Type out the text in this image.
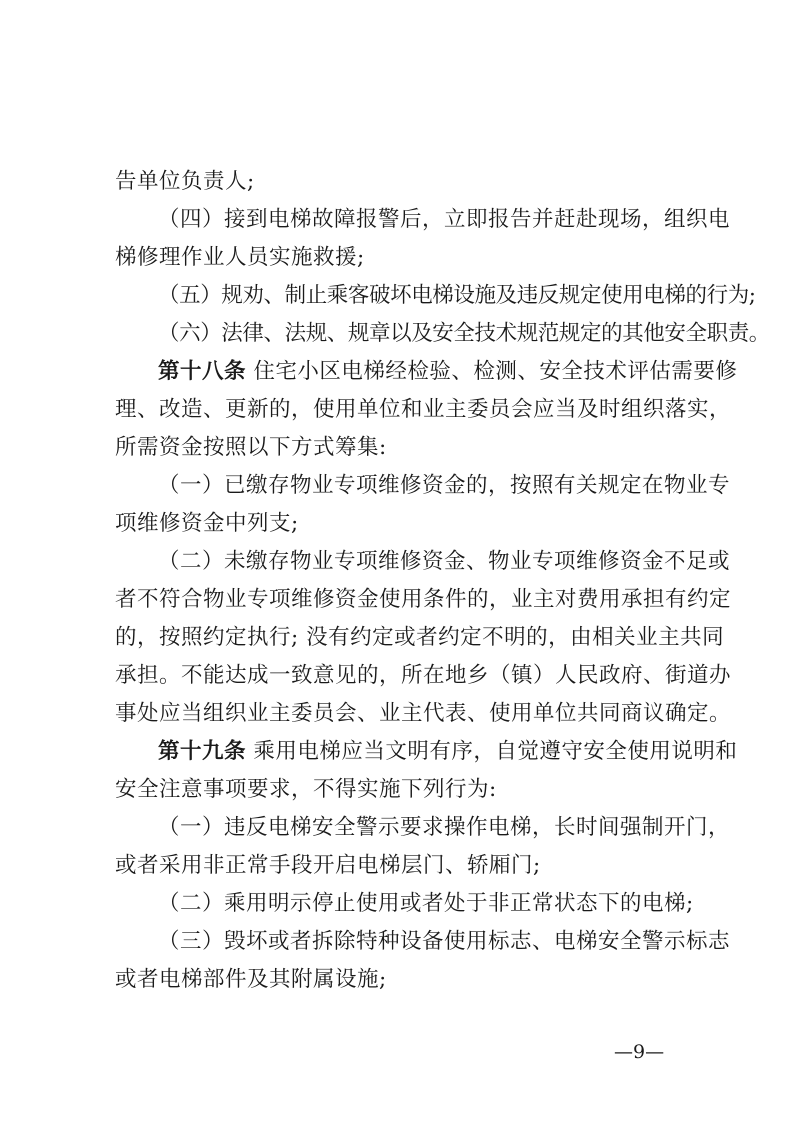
告单位负责人;
（四）接到电梯故障报警后，立即报告并赶赴现场，组织电
梯修理作业人员实施救援;
（五）规劝、制止乘客破坏电梯设施及违反规定使用电梯的行为;
（六）法律、法规、规章以及安全技术规范规定的其他安全职责。
第十八条 住宅小区电梯经检验、检测、安全技术评估需要修
理、改造、更新的，使用单位和业主委员会应当及时组织落实，
所需资金按照以下方式筹集:
（一）已缴存物业专项维修资金的，按照有关规定在物业专
项维修资金中列支;
（二）未缴存物业专项维修资金、物业专项维修资金不足或
者不符合物业专项维修资金使用条件的，业主对费用承担有约定
的，按照约定执行; 没有约定或者约定不明的，由相关业主共同
承担。不能达成一致意见的，所在地乡（镇）人民政府、街道办
事处应当组织业主委员会、业主代表、使用单位共同商议确定。
第十九条 乘用电梯应当文明有序，自觉遵守安全使用说明和
安全注意事项要求，不得实施下列行为:
（一）违反电梯安全警示要求操作电梯，长时间强制开门，
或者采用非正常手段开启电梯层门、轿厢门;
（二）乘用明示停止使用或者处于非正常状态下的电梯;
（三）毁坏或者拆除特种设备使用标志、电梯安全警示标志
或者电梯部件及其附属设施;
—9—
